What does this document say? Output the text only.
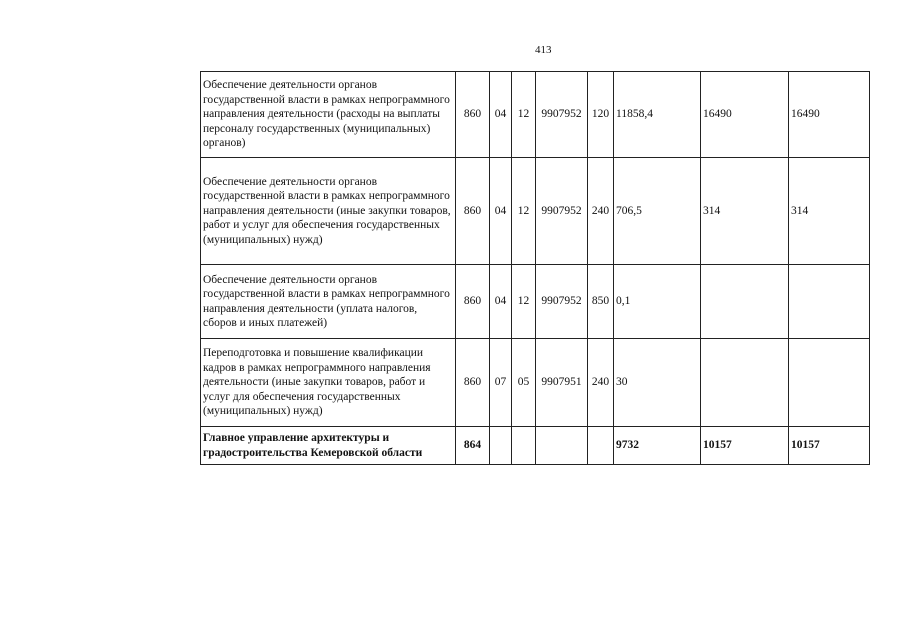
413
Обеспечение деятельности органов государственной власти в рамках непрограммного направления деятельности (расходы на выплаты персоналу государственных (муниципальных) органов)	860	04	12	9907952	120	11858,4	16490	16490
Обеспечение деятельности органов государственной власти в рамках непрограммного направления деятельности (иные закупки товаров, работ и услуг для обеспечения государственных (муниципальных) нужд)	860	04	12	9907952	240	706,5	314	314
Обеспечение деятельности органов государственной власти в рамках непрограммного направления деятельности (уплата налогов, сборов и иных платежей)	860	04	12	9907952	850	0,1		
Переподготовка и повышение квалификации кадров в рамках непрограммного направления деятельности (иные закупки товаров, работ и услуг для обеспечения государственных (муниципальных) нужд)	860	07	05	9907951	240	30		
Главное управление архитектуры и градостроительства Кемеровской области	864					9732	10157	10157
